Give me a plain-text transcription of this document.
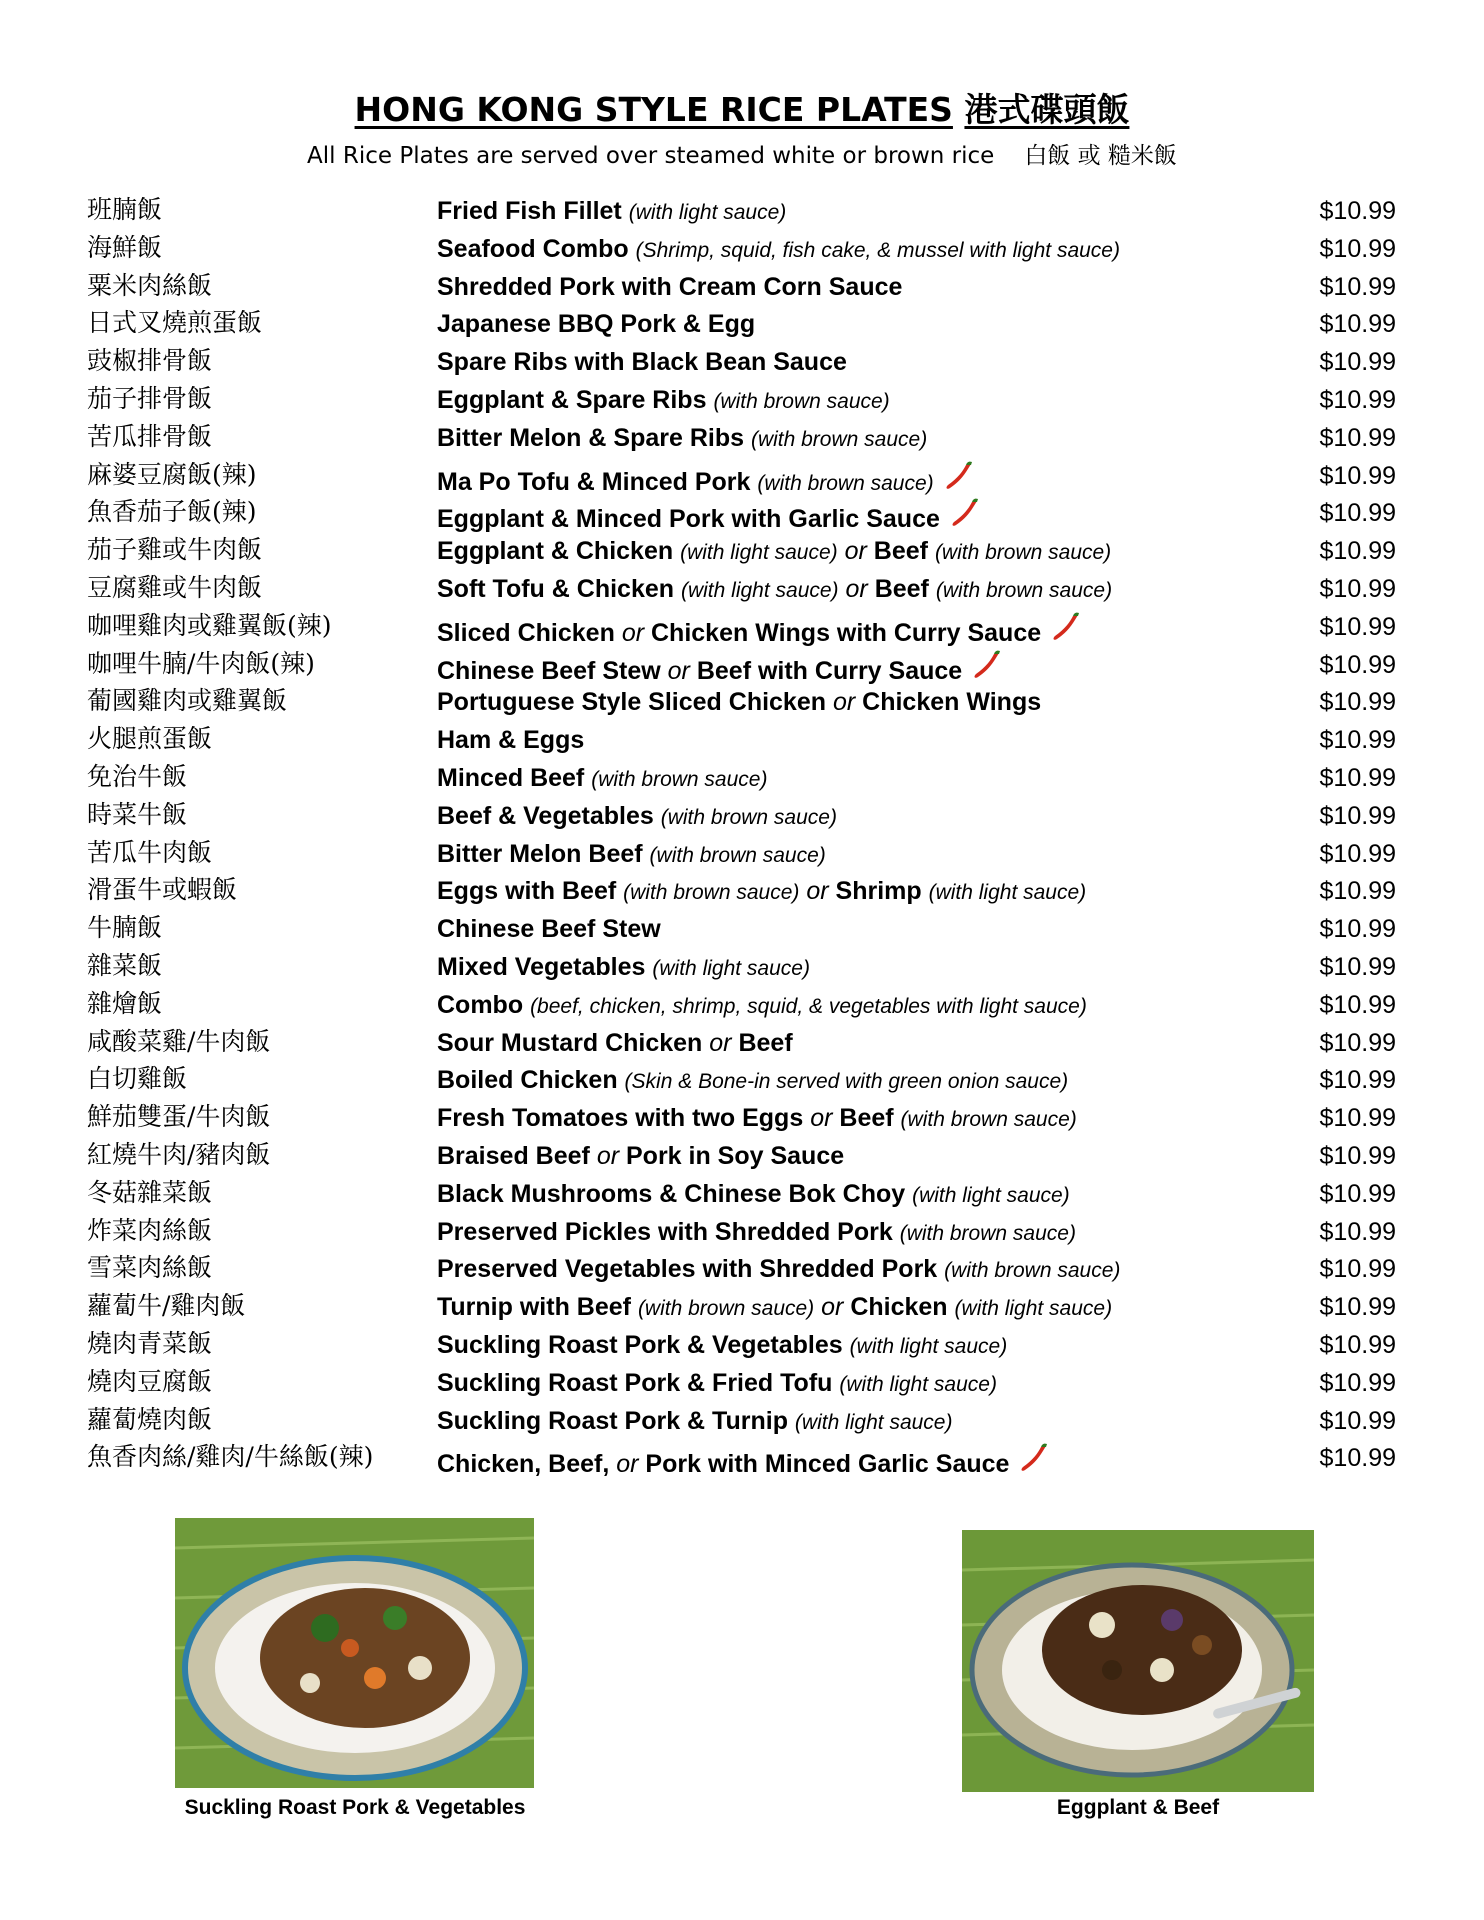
HONG KONG STYLE RICE PLATES 港式碟頭飯
All Rice Plates are served over steamed white or brown rice 白飯 或 糙米飯
班腩飯	Fried Fish Fillet (with light sauce)	$10.99
海鮮飯	Seafood Combo (Shrimp, squid, fish cake, & mussel with light sauce)	$10.99
粟米肉絲飯	Shredded Pork with Cream Corn Sauce	$10.99
日式叉燒煎蛋飯	Japanese BBQ Pork & Egg	$10.99
豉椒排骨飯	Spare Ribs with Black Bean Sauce	$10.99
茄子排骨飯	Eggplant & Spare Ribs (with brown sauce)	$10.99
苦瓜排骨飯	Bitter Melon & Spare Ribs (with brown sauce)	$10.99
麻婆豆腐飯(辣)	Ma Po Tofu & Minced Pork (with brown sauce)	$10.99
魚香茄子飯(辣)	Eggplant & Minced Pork with Garlic Sauce	$10.99
茄子雞或牛肉飯	Eggplant & Chicken (with light sauce) or Beef (with brown sauce)	$10.99
豆腐雞或牛肉飯	Soft Tofu & Chicken (with light sauce) or Beef (with brown sauce)	$10.99
咖哩雞肉或雞翼飯(辣)	Sliced Chicken or Chicken Wings with Curry Sauce	$10.99
咖哩牛腩/牛肉飯(辣)	Chinese Beef Stew or Beef with Curry Sauce	$10.99
葡國雞肉或雞翼飯	Portuguese Style Sliced Chicken or Chicken Wings	$10.99
火腿煎蛋飯	Ham & Eggs	$10.99
免治牛飯	Minced Beef (with brown sauce)	$10.99
時菜牛飯	Beef & Vegetables (with brown sauce)	$10.99
苦瓜牛肉飯	Bitter Melon Beef (with brown sauce)	$10.99
滑蛋牛或蝦飯	Eggs with Beef (with brown sauce) or Shrimp (with light sauce)	$10.99
牛腩飯	Chinese Beef Stew	$10.99
雜菜飯	Mixed Vegetables (with light sauce)	$10.99
雜燴飯	Combo (beef, chicken, shrimp, squid, & vegetables with light sauce)	$10.99
咸酸菜雞/牛肉飯	Sour Mustard Chicken or Beef	$10.99
白切雞飯	Boiled Chicken (Skin & Bone-in served with green onion sauce)	$10.99
鮮茄雙蛋/牛肉飯	Fresh Tomatoes with two Eggs or Beef (with brown sauce)	$10.99
紅燒牛肉/豬肉飯	Braised Beef or Pork in Soy Sauce	$10.99
冬菇雜菜飯	Black Mushrooms & Chinese Bok Choy (with light sauce)	$10.99
炸菜肉絲飯	Preserved Pickles with Shredded Pork (with brown sauce)	$10.99
雪菜肉絲飯	Preserved Vegetables with Shredded Pork (with brown sauce)	$10.99
蘿蔔牛/雞肉飯	Turnip with Beef (with brown sauce) or Chicken (with light sauce)	$10.99
燒肉青菜飯	Suckling Roast Pork & Vegetables (with light sauce)	$10.99
燒肉豆腐飯	Suckling Roast Pork & Fried Tofu (with light sauce)	$10.99
蘿蔔燒肉飯	Suckling Roast Pork & Turnip (with light sauce)	$10.99
魚香肉絲/雞肉/牛絲飯(辣)	Chicken, Beef, or Pork with Minced Garlic Sauce	$10.99
Suckling Roast Pork & Vegetables	Eggplant & Beef
